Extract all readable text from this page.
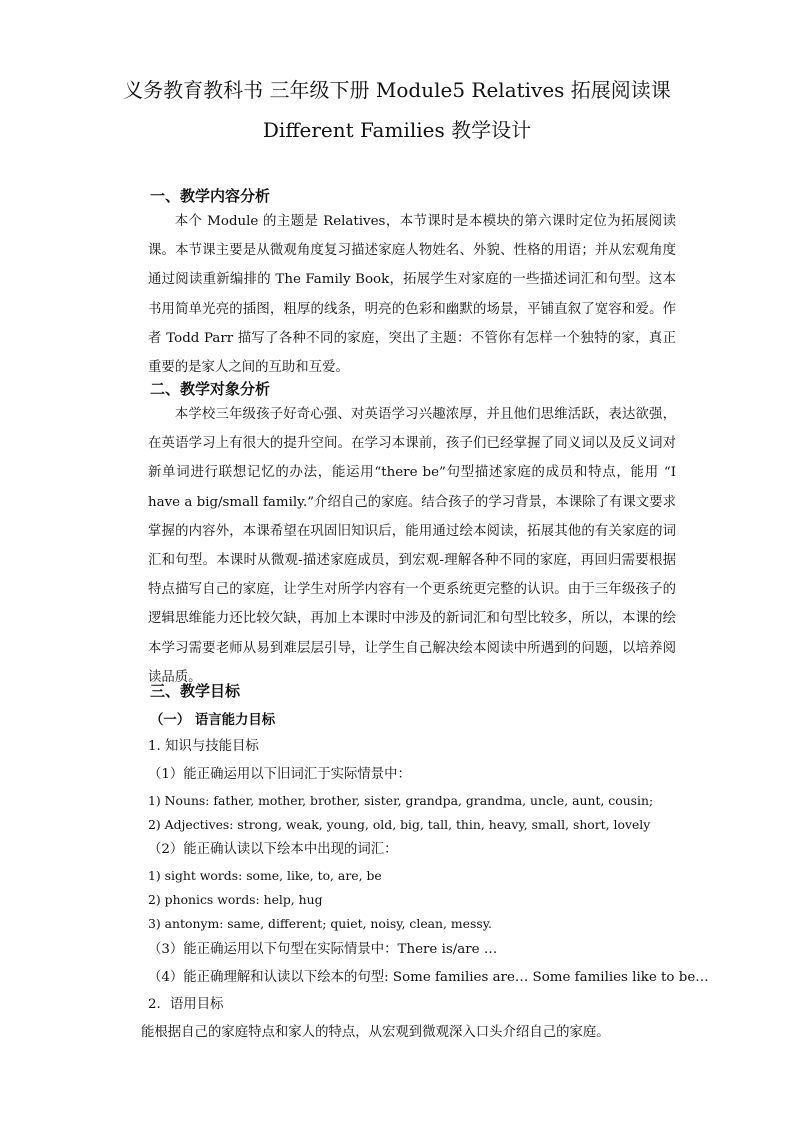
义务教育教科书 三年级下册 Module5 Relatives 拓展阅读课
Different Families 教学设计
一、教学内容分析

本个 Module 的主题是 Relatives，本节课时是本模块的第六课时定位为拓展阅读课。本节课主要是从微观角度复习描述家庭人物姓名、外貌、性格的用语；并从宏观角度通过阅读重新编排的 The Family Book，拓展学生对家庭的一些描述词汇和句型。这本书用简单光亮的插图，粗厚的线条，明亮的色彩和幽默的场景，平铺直叙了宽容和爱。作者 Todd Parr 描写了各种不同的家庭，突出了主题：不管你有怎样一个独特的家，真正重要的是家人之间的互助和互爱。

二、教学对象分析

本学校三年级孩子好奇心强、对英语学习兴趣浓厚，并且他们思维活跃，表达欲强，在英语学习上有很大的提升空间。在学习本课前，孩子们已经掌握了同义词以及反义词对新单词进行联想记忆的办法，能运用“there be”句型描述家庭的成员和特点，能用 “I have a big/small family.”介绍自己的家庭。结合孩子的学习背景，本课除了有课文要求掌握的内容外，本课希望在巩固旧知识后，能用通过绘本阅读，拓展其他的有关家庭的词汇和句型。本课时从微观-描述家庭成员，到宏观-理解各种不同的家庭，再回归需要根据特点描写自己的家庭，让学生对所学内容有一个更系统更完整的认识。由于三年级孩子的逻辑思维能力还比较欠缺，再加上本课时中涉及的新词汇和句型比较多，所以，本课的绘本学习需要老师从易到难层层引导，让学生自己解决绘本阅读中所遇到的问题，以培养阅读品质。

三、教学目标
（一） 语言能力目标
1. 知识与技能目标
（1）能正确运用以下旧词汇于实际情景中：
1) Nouns: father, mother, brother, sister, grandpa, grandma, uncle, aunt, cousin;
2) Adjectives: strong, weak, young, old, big, tall, thin, heavy, small, short, lovely
（2）能正确认读以下绘本中出现的词汇：
1) sight words: some, like, to, are, be
2) phonics words: help, hug
3) antonym: same, different; quiet, noisy, clean, messy.
（3）能正确运用以下句型在实际情景中：There is/are …
（4）能正确理解和认读以下绘本的句型: Some families are… Some families like to be…
2．语用目标
能根据自己的家庭特点和家人的特点，从宏观到微观深入口头介绍自己的家庭。
